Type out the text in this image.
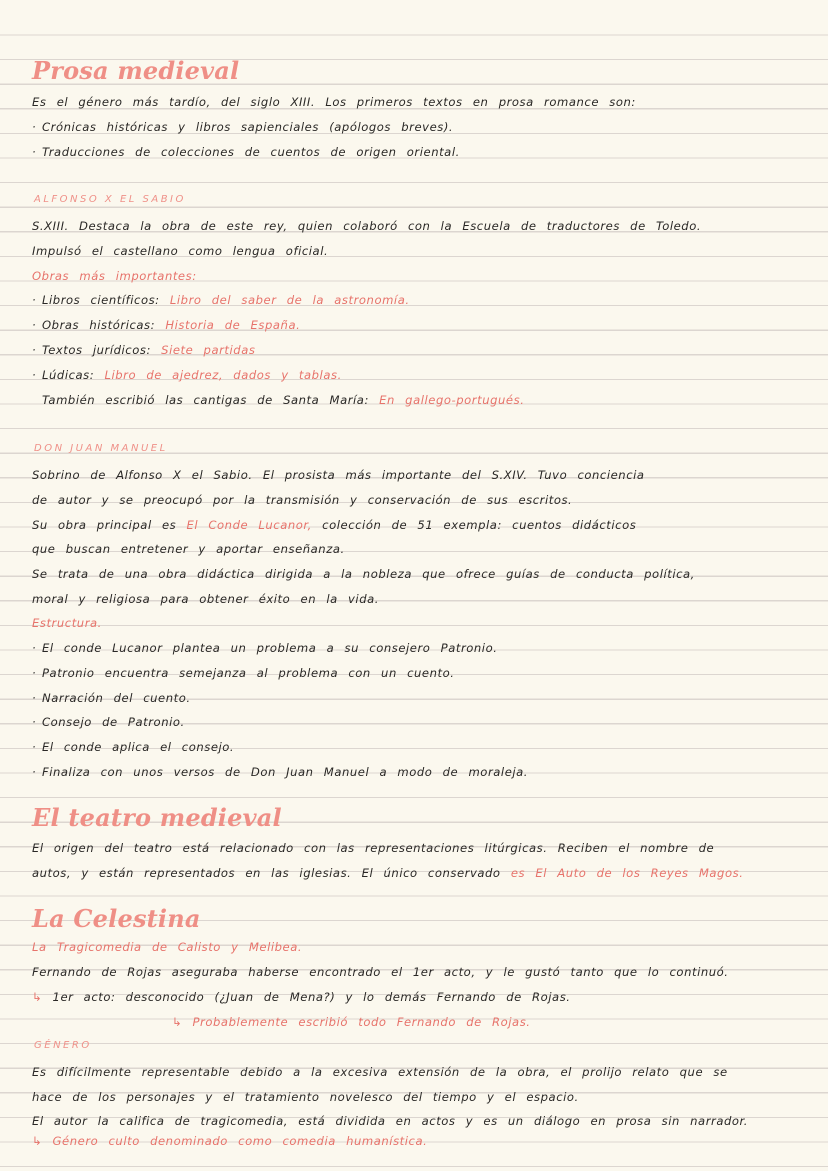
Prosa medieval
Es el género más tardío, del siglo XIII. Los primeros textos en prosa romance son:
· Crónicas históricas y libros sapienciales (apólogos breves).
· Traducciones de colecciones de cuentos de origen oriental.
ALFONSO X EL SABIO
S.XIII. Destaca la obra de este rey, quien colaboró con la Escuela de traductores de Toledo.
Impulsó el castellano como lengua oficial.
Obras más importantes:
· Libros científicos: Libro del saber de la astronomía.
· Obras históricas: Historia de España.
· Textos jurídicos: Siete partidas
· Lúdicas: Libro de ajedrez, dados y tablas.
También escribió las cantigas de Santa María: En gallego-portugués.
DON JUAN MANUEL
Sobrino de Alfonso X el Sabio. El prosista más importante del S.XIV. Tuvo conciencia
de autor y se preocupó por la transmisión y conservación de sus escritos.
Su obra principal es El Conde Lucanor, colección de 51 exempla: cuentos didácticos
que buscan entretener y aportar enseñanza.
Se trata de una obra didáctica dirigida a la nobleza que ofrece guías de conducta política,
moral y religiosa para obtener éxito en la vida.
Estructura.
· El conde Lucanor plantea un problema a su consejero Patronio.
· Patronio encuentra semejanza al problema con un cuento.
· Narración del cuento.
· Consejo de Patronio.
· El conde aplica el consejo.
· Finaliza con unos versos de Don Juan Manuel a modo de moraleja.
El teatro medieval
El origen del teatro está relacionado con las representaciones litúrgicas. Reciben el nombre de
autos, y están representados en las iglesias. El único conservado es El Auto de los Reyes Magos.
La Celestina
La Tragicomedia de Calisto y Melibea.
Fernando de Rojas aseguraba haberse encontrado el 1er acto, y le gustó tanto que lo continuó.
↳ 1er acto: desconocido (¿Juan de Mena?) y lo demás Fernando de Rojas.
↳ Probablemente escribió todo Fernando de Rojas.
GÉNERO
Es difícilmente representable debido a la excesiva extensión de la obra, el prolijo relato que se
hace de los personajes y el tratamiento novelesco del tiempo y el espacio.
El autor la califica de tragicomedia, está dividida en actos y es un diálogo en prosa sin narrador.
↳ Género culto denominado como comedia humanística.
